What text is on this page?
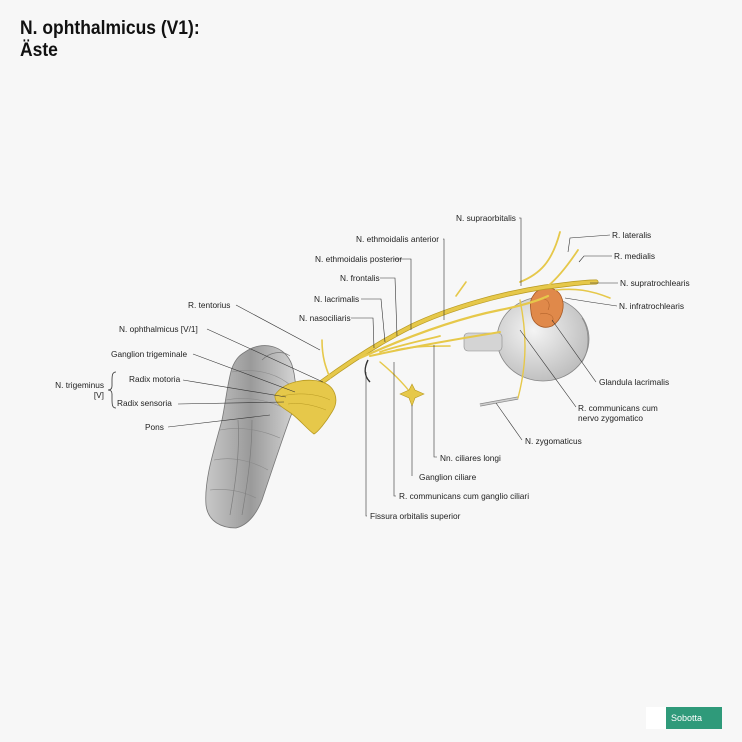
N. ophthalmicus (V1):
Äste
N. supraorbitalis
R. lateralis
R. medialis
N. supratrochlearis
N. infratrochlearis
N. ethmoidalis anterior
N. ethmoidalis posterior
N. frontalis
N. lacrimalis
N. nasociliaris
R. tentorius
N. ophthalmicus [V/1]
Ganglion trigeminale
N. trigeminus
[V]
Radix motoria
Radix sensoria
Pons
Glandula lacrimalis
R. communicans cum
nervo zygomatico
N. zygomaticus
Nn. ciliares longi
Ganglion ciliare
R. communicans cum ganglio ciliari
Fissura orbitalis superior
Sobotta
